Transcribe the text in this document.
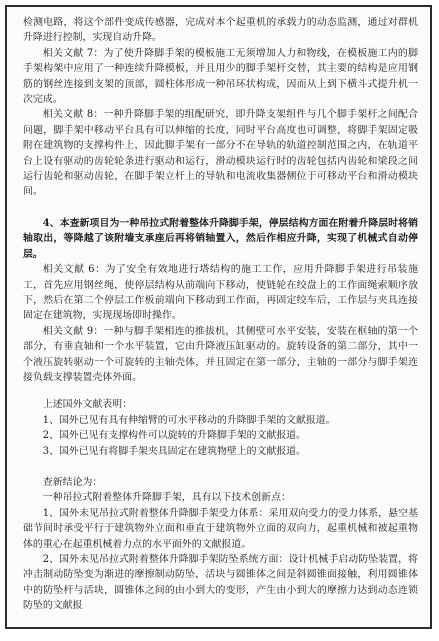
检测电路，将这个部件变成传感器，完成对本个起重机的承载力的动态监测，通过对群机升降进行控制，实现自动升降。

相关文献 7：为了使升降脚手架的模板施工无须增加人力和物线，在模板施工内的脚手架构架中应用了一种连续升降模板，并且用少的脚手架杆交替，其主要的结构是应用钢筋的钢丝连接到支架的顶部，圆柱体形成一种吊环状构成，因而从上到下横斗式提升机一次完成。

相关文献 8：一种升降脚手架的组配研究，即升降支架组件与几个脚手架杆之间配合问题，脚手架中移动平台具有可以伸缩的长度，同时平台高度也可调整，将脚手架固定吸附在建筑物的支撑构件上，因此脚手架有一部分不在导轨的轨道控制范围之内，在轨道平台上设有驱动的齿轮轮条进行驱动和运行，滑动模块运行时的齿轮包括内齿轮和梁段之间运行齿轮和驱动齿轮，在脚手架立杆上的导轨和电流收集器侧位于可移动平台和滑动模块间。

4、本查新项目为一种吊拉式附着整体升降脚手架，停层结构方面在附着升降层时将销轴取出，等降越了该附墙支承座后再将销轴置入，然后作相应升降，实现了机械式自动停层。

相关文献 6：为了安全有效地进行塔结构的施工工作，应用升降脚手架进行吊装施工，首先应用钢丝绳，使停层结构从前端向下移动，使链轮在绞盘上的工作面绳索顺序放下，然后在第二个停层工作板前端向下移动到工作面，再固定绞车后，工作层与夹具连接固定在建筑物，实现现场即时操作。

相关文献 9：一种与脚手架相连的推拔机，其侧壁可水平安装，安装在框轴的第一个部分，有垂直轴和一个水平装置，它由升降液压缸驱动的。旋转设备的第二部分，其中一个液压旋转驱动一个可旋转的主轴壳体，并且固定在第一部分，主轴的一部分与脚手架连接负载支撑装置壳体外面。

上述国外文献表明：

1、国外已见有具有伸缩臂的可水平移动的升降脚手架的文献报道。

2、国外已见有支撑构件可以旋转的升降脚手架的文献报道。

3、国外已见有将脚手架夹具固定在建筑物壁上的文献报道。

查新结论为：

一种吊拉式附着整体升降脚手架，具有以下技术创新点：

1、国外未见吊拉式附着整体升降脚手架受力体系：采用双向受力的受力体系，悬空基础节间时承受平行于建筑物外立面和垂直于建筑物外立面的双向力，起重机械和被起重物体的重心在起重机械着力点的水平面外的文献报道。

2、国外未见吊拉式附着整体升降脚手架防坠系统方面：设计机械手启动防坠装置，将冲击制动防坠变为渐进的摩擦制动防坠，活块与圆锥体之间是斜圆锥面接触，利用圆锥体中的防坠杆与活块，圆锥体之间的由小到大的变形，产生由小到大的摩擦力达到动态连锁防坠的文献报
